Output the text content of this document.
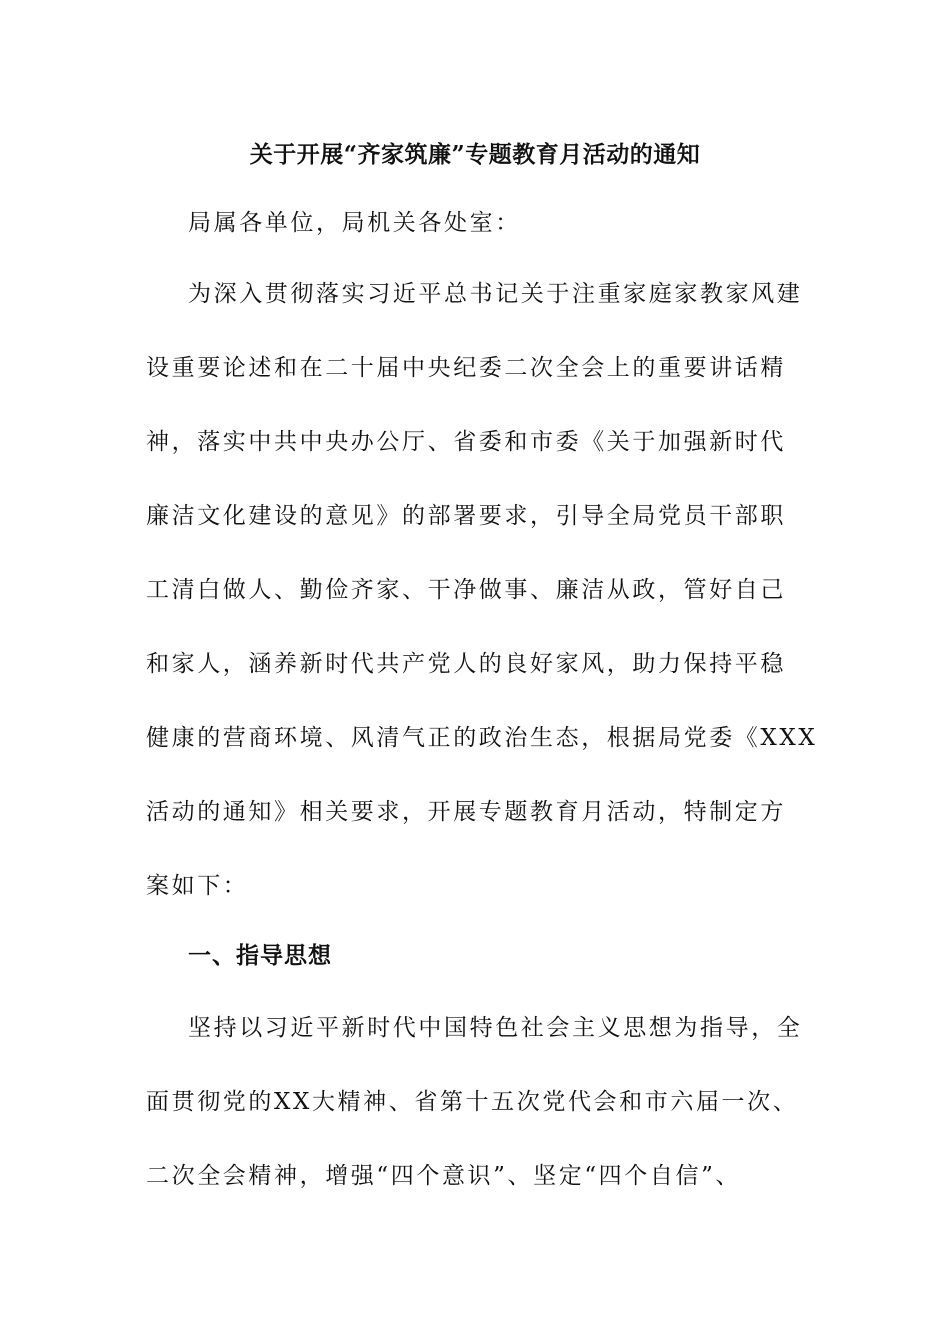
关于开展“齐家筑廉”专题教育月活动的通知
局属各单位，局机关各处室：
为深入贯彻落实习近平总书记关于注重家庭家教家风建
设重要论述和在二十届中央纪委二次全会上的重要讲话精
神，落实中共中央办公厅、省委和市委《关于加强新时代
廉洁文化建设的意见》的部署要求，引导全局党员干部职
工清白做人、勤俭齐家、干净做事、廉洁从政，管好自己
和家人，涵养新时代共产党人的良好家风，助力保持平稳
健康的营商环境、风清气正的政治生态，根据局党委《XXX
活动的通知》相关要求，开展专题教育月活动，特制定方
案如下：
一、指导思想
坚持以习近平新时代中国特色社会主义思想为指导，全
面贯彻党的XX大精神、省第十五次党代会和市六届一次、
二次全会精神，增强“四个意识”、坚定“四个自信”、
